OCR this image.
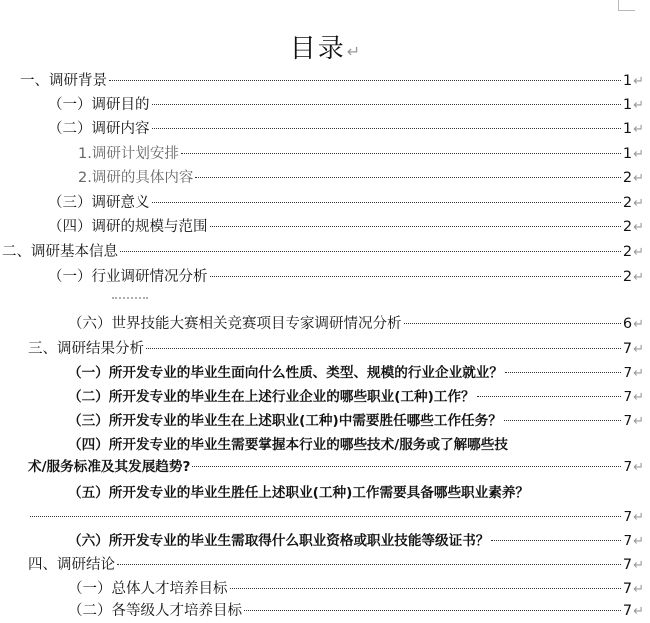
目录↵
一、调研背景	1 ↵
（一）调研目的	1 ↵
（二）调研内容	1 ↵
1.调研计划安排	1 ↵
2.调研的具体内容	2 ↵
（三）调研意义	2 ↵
（四）调研的规模与范围	2 ↵
二、调研基本信息	2 ↵
（一）行业调研情况分析	2 ↵
（六）世界技能大赛相关竞赛项目专家调研情况分析	6 ↵
三、调研结果分析	7 ↵
（一）所开发专业的毕业生面向什么性质、类型、规模的行业企业就业？	7 ↵
（二）所开发专业的毕业生在上述行业企业的哪些职业(工种)工作？	7 ↵
（三）所开发专业的毕业生在上述职业(工种)中需要胜任哪些工作任务？	7 ↵
（四）所开发专业的毕业生需要掌握本行业的哪些技术/服务或了解哪些技
术/服务标准及其发展趋势?	7 ↵
（五）所开发专业的毕业生胜任上述职业(工种)工作需要具备哪些职业素养？
7 ↵
（六）所开发专业的毕业生需取得什么职业资格或职业技能等级证书？	7 ↵
四、调研结论	7 ↵
（一）总体人才培养目标	7 ↵
（二）各等级人才培养目标	7 ↵
